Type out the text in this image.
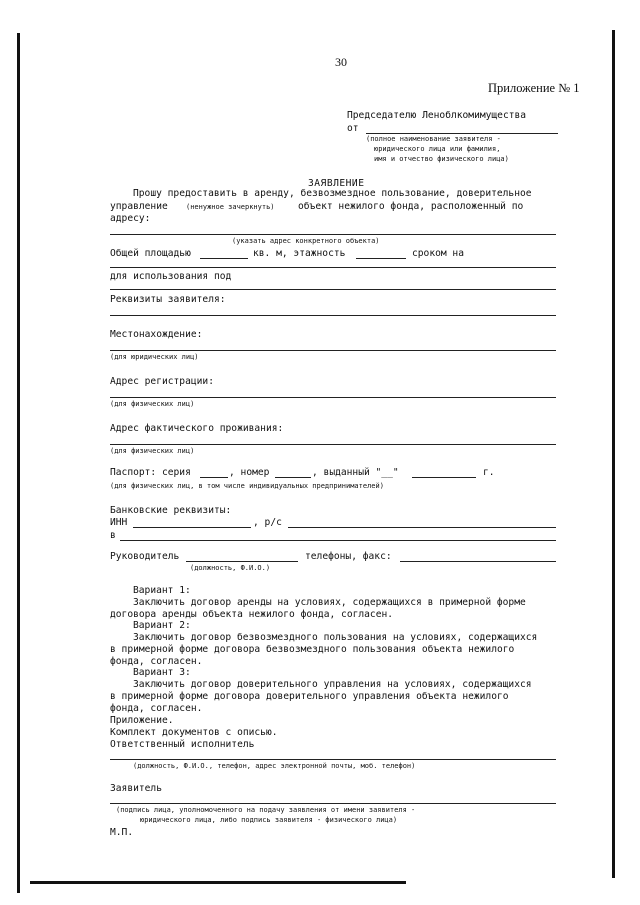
30
Приложение № 1
Председателю Леноблкомимущества
от
(полное наименование заявителя -
юридического лица или фамилия,
имя и отчество физического лица)
ЗАЯВЛЕНИЕ
Прошу предоставить в аренду, безвозмездное пользование, доверительное
управление	(ненужное зачеркнуть) объект нежилого фонда, расположенный по
адресу:
(указать адрес конкретного объекта)
Общей площадью	кв. м, этажность	сроком на
для использования под
Реквизиты заявителя:
Местонахождение:
(для юридических лиц)
Адрес регистрации:
(для физических лиц)
Адрес фактического проживания:
(для физических лиц)
Паспорт: серия	, номер	, выданный "__"	г.
(для физических лиц, в том числе индивидуальных предпринимателей)
Банковские реквизиты:
ИНН	, р/с
в
Руководитель	телефоны, факс:
(должность, Ф.И.О.)
Вариант 1:
Заключить договор аренды на условиях, содержащихся в примерной форме
договора аренды объекта нежилого фонда, согласен.
Вариант 2:
Заключить договор безвозмездного пользования на условиях, содержащихся
в примерной форме договора безвозмездного пользования объекта нежилого
фонда, согласен.
Вариант 3:
Заключить договор доверительного управления на условиях, содержащихся
в примерной форме договора доверительного управления объекта нежилого
фонда, согласен.
Приложение.
Комплект документов с описью.
Ответственный исполнитель
(должность, Ф.И.О., телефон, адрес электронной почты, моб. телефон)
Заявитель
(подпись лица, уполномоченного на подачу заявления от имени заявителя -
юридического лица, либо подпись заявителя - физического лица)
М.П.
